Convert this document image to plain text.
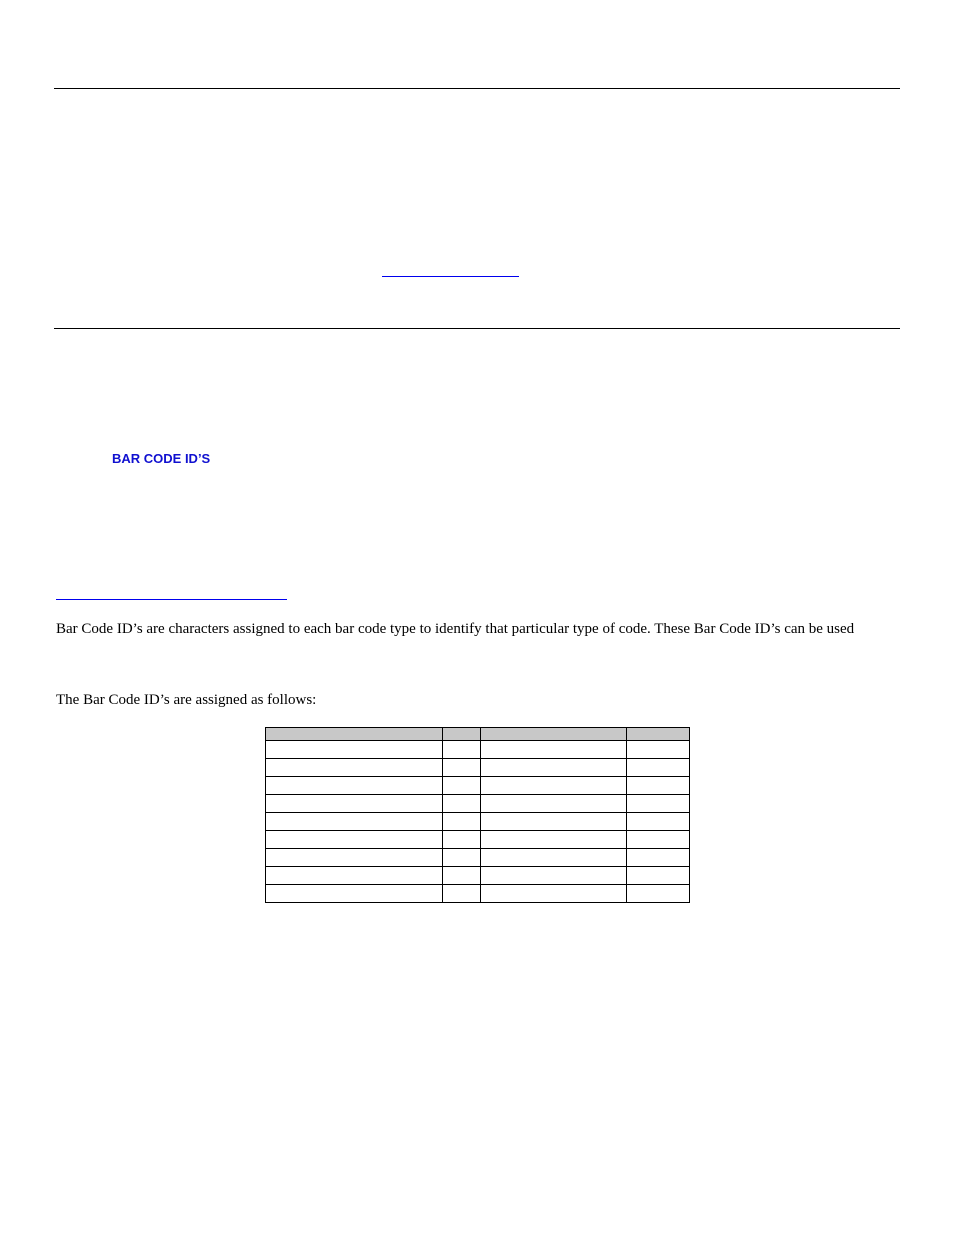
BAR CODE ID’S
Bar Code ID’s are characters assigned to each bar code type to identify that particular type of code. These Bar Code ID’s can be used
The Bar Code ID’s are assigned as follows:
